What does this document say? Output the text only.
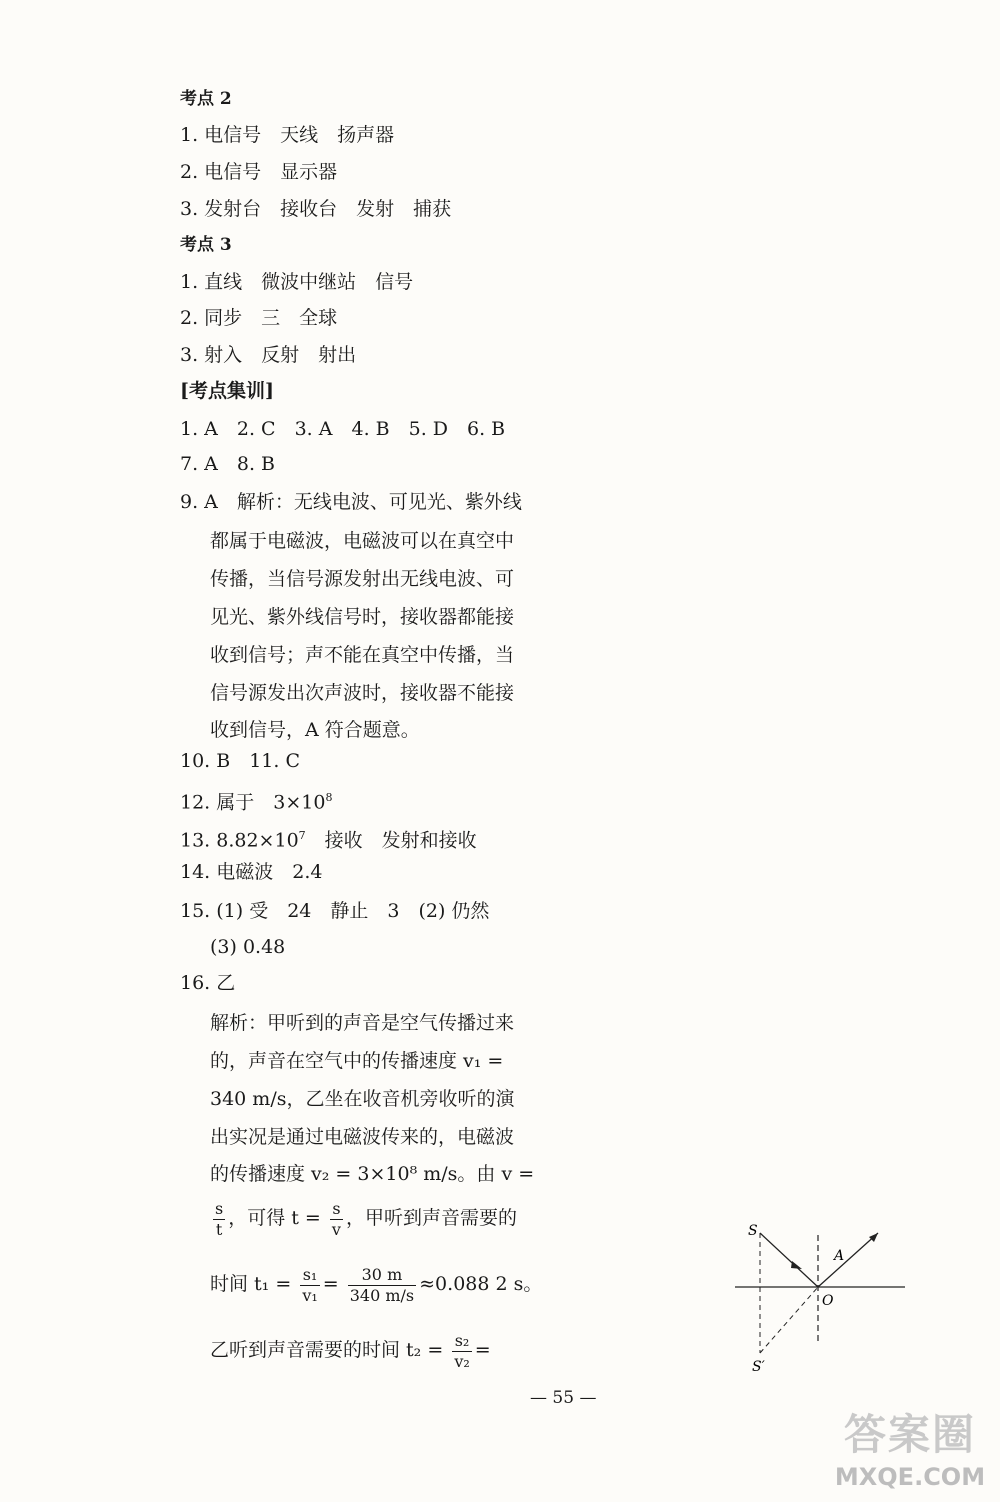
考点 2
1. 电信号　天线　扬声器
2. 电信号　显示器
3. 发射台　接收台　发射　捕获
考点 3
1. 直线　微波中继站　信号
2. 同步　三　全球
3. 射入　反射　射出
[考点集训]
1. A　2. C　3. A　4. B　5. D　6. B
7. A　8. B
9. A　解析：无线电波、可见光、紫外线
都属于电磁波，电磁波可以在真空中
传播，当信号源发射出无线电波、可
见光、紫外线信号时，接收器都能接
收到信号；声不能在真空中传播，当
信号源发出次声波时，接收器不能接
收到信号，A 符合题意。
10. B　11. C
12. 属于　$3\times 10^8$
13. $8.82\times 10^7$　接收　发射和接收
14. 电磁波　2.4
15. (1) 受　24　静止　3　(2) 仍然
(3) 0.48
16. 乙
解析：甲听到的声音是空气传播过来
的，声音在空气中的传播速度 v₁ =
340 m/s，乙坐在收音机旁收听的演
出实况是通过电磁波传来的，电磁波
的传播速度 v₂ = 3×10⁸ m/s。由 v =
$\frac{s}{t}$ ，可得 $t = \frac{s}{v}$ ，甲听到声音需要的
时间 $t_1 = \frac{\text{s₁}}{\text{v₁}} = \frac{30 m}{340 m/s} \approx 0.088$ 2 s。
乙听到声音需要的时间 $t_2 = \frac{\text{s₂}}{\text{v₂}}$ =
S
A
O
S′
— 55 —
答案圈
MXQE.COM
